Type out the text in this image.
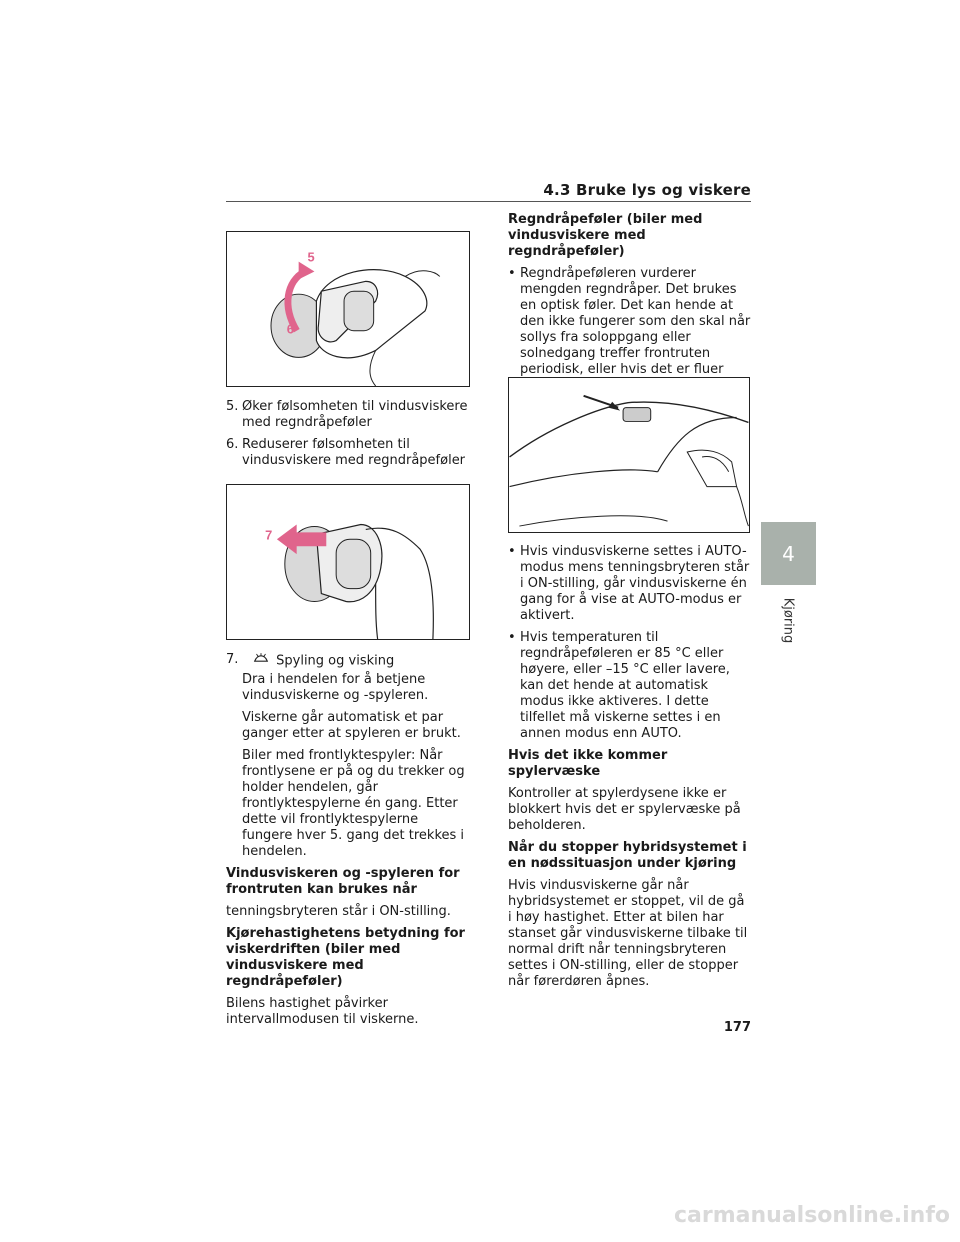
4.3 Bruke lys og viskere
5
6
5. Øker følsomheten til vindusviskere med regndråpeføler
6. Reduserer følsomheten til vindusviskere med regndråpeføler
7
7.	Spyling og visking
Dra i hendelen for å betjene vindusviskerne og -spyleren.
Viskerne går automatisk et par ganger etter at spyleren er brukt.
Biler med frontlyktespyler: Når frontlysene er på og du trekker og holder hendelen, går frontlyktespylerne én gang. Etter dette vil frontlyktespylerne fungere hver 5. gang det trekkes i hendelen.
Vindusviskeren og -spyleren for frontruten kan brukes når
tenningsbryteren står i ON-stilling.
Kjørehastighetens betydning for viskerdriften (biler med vindusviskere med regndråpeføler)
Bilens hastighet påvirker intervallmodusen til viskerne.
Regndråpeføler (biler med vindusviskere med regndråpeføler)
• Regndråpeføleren vurderer mengden regndråper. Det brukes en optisk føler. Det kan hende at den ikke fungerer som den skal når sollys fra soloppgang eller solnedgang treffer frontruten periodisk, eller hvis det er fluer
• Hvis vindusviskerne settes i AUTO-modus mens tenningsbryteren står i ON-stilling, går vindusviskerne én gang for å vise at AUTO-modus er aktivert.
• Hvis temperaturen til regndråpeføleren er 85 °C eller høyere, eller –15 °C eller lavere, kan det hende at automatisk modus ikke aktiveres. I dette tilfellet må viskerne settes i en annen modus enn AUTO.
Hvis det ikke kommer spylervæske
Kontroller at spylerdysene ikke er blokkert hvis det er spylervæske på beholderen.
Når du stopper hybridsystemet i en nødssituasjon under kjøring
Hvis vindusviskerne går når hybridsystemet er stoppet, vil de gå i høy hastighet. Etter at bilen har stanset går vindusviskerne tilbake til normal drift når tenningsbryteren settes i ON-stilling, eller de stopper når førerdøren åpnes.
4
Kjøring
177
carmanualsonline.info
